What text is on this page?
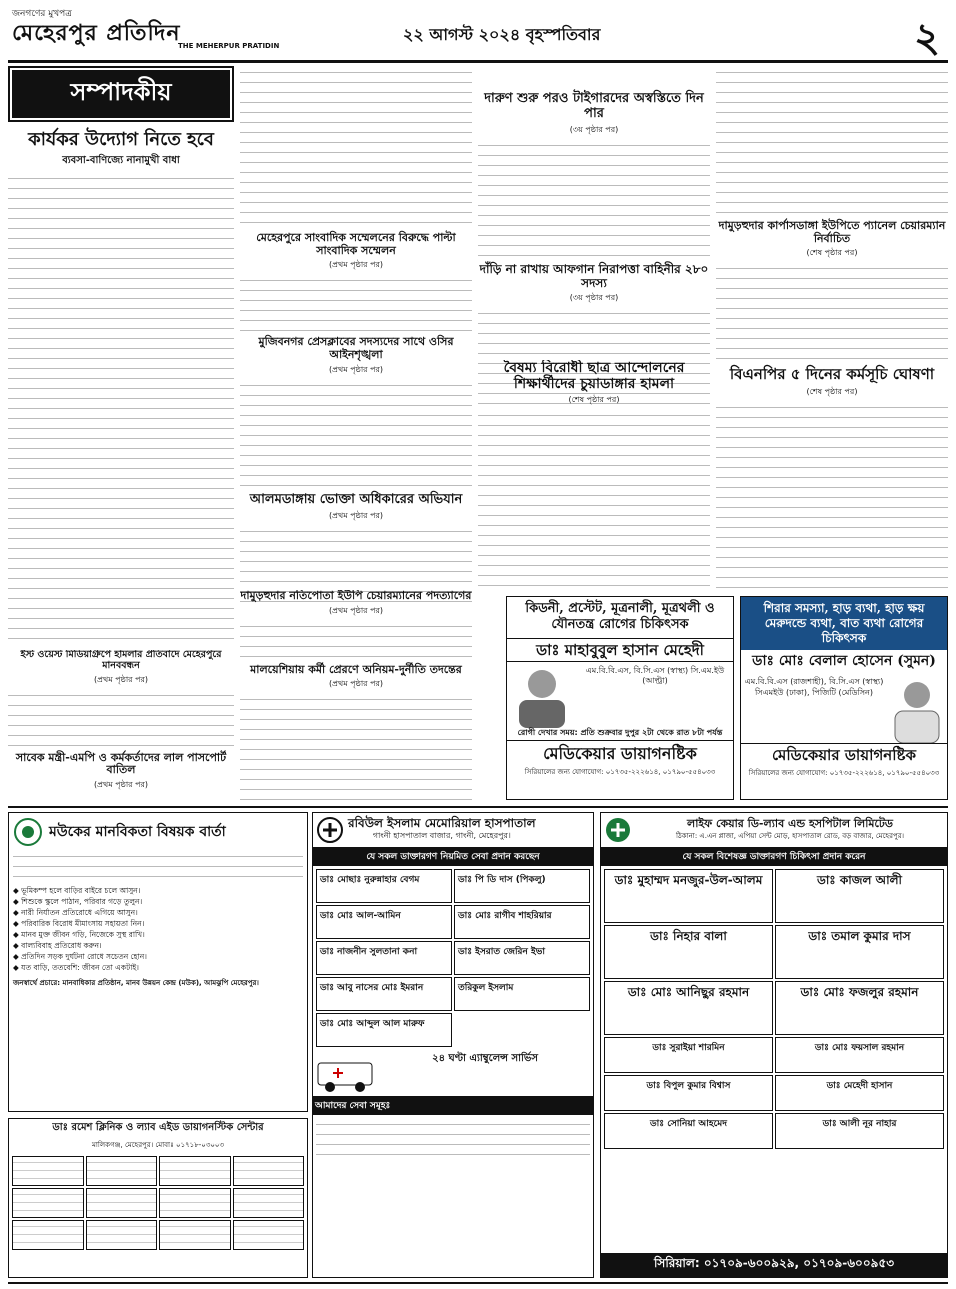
জনগণের মুখপত্র
মেহেরপুর প্রতিদিন
THE MEHERPUR PRATIDIN
২২ আগস্ট ২০২৪ বৃহস্পতিবার	২
সম্পাদকীয়
কার্যকর উদ্যোগ নিতে হবে
ব্যবসা-বাণিজ্যে নানামুখী বাধা
মেহেরপুরে সাংবাদিক সম্মেলনের বিরুদ্ধে পাল্টা সাংবাদিক সম্মেলন
(প্রথম পৃষ্ঠার পর)
মুজিবনগর প্রেসক্লাবের সদস্যদের সাথে ওসির আইনশৃঙ্খলা
(প্রথম পৃষ্ঠার পর)
আলমডাঙ্গায় ভোক্তা অধিকারের অভিযান
(প্রথম পৃষ্ঠার পর)
দামুড়হুদার নতিপোতা ইউপি চেয়ারম্যানের পদত্যাগের
(প্রথম পৃষ্ঠার পর)
মালয়েশিয়ায় কর্মী প্রেরণে অনিয়ম-দুর্নীতি তদন্তের
(প্রথম পৃষ্ঠার পর)
ইস্ট ওয়েস্ট মিডিয়াগ্রুপে হামলার প্রতিবাদে মেহেরপুরে মানববন্ধন
(প্রথম পৃষ্ঠার পর)
সাবেক মন্ত্রী-এমপি ও কর্মকর্তাদের লাল পাসপোর্ট বাতিল
(প্রথম পৃষ্ঠার পর)
দারুণ শুরু পরও টাইগারদের অস্বস্তিতে দিন পার
(৩য় পৃষ্ঠার পর)
দাঁড়ি না রাখায় আফগান নিরাপত্তা বাহিনীর ২৮০ সদস্য
(৩য় পৃষ্ঠার পর)
বৈষম্য বিরোধী ছাত্র আন্দোলনের শিক্ষার্থীদের চুয়াডাঙ্গার হামলা
(শেষ পৃষ্ঠার পর)
দামুড়হুদার কার্পাসডাঙ্গা ইউপিতে প্যানেল চেয়ারম্যান নির্বাচিত
(শেষ পৃষ্ঠার পর)
বিএনপির ৫ দিনের কর্মসূচি ঘোষণা
(শেষ পৃষ্ঠার পর)
কিডনী, প্রস্টেট, মূত্রনালী, মূত্রথলী ও যৌনতন্ত্র রোগের চিকিৎসক
ডাঃ মাহাবুবুল হাসান মেহেদী
এম.বি.বি.এস, বি.সি.এস (স্বাস্থ্য) সি.এম.ইউ (আল্ট্রা)
রোগী দেখার সময়: প্রতি শুক্রবার দুপুর ২টা থেকে রাত ৮টা পর্যন্ত
মেডিকেয়ার ডায়াগনষ্টিক
সিরিয়ালের জন্য যোগাযোগ: ০১৭৩৫-২২২৬১৪, ০১৭৯০-৫৫৪০৩৩
শিরার সমস্যা, হাড় ব্যথা, হাড় ক্ষয় মেরুদন্ডে ব্যথা, বাত ব্যথা রোগের চিকিৎসক
ডাঃ মোঃ বেলাল হোসেন (সুমন)
এম.বি.বি.এস (রাজশাহী), বি.সি.এস (স্বাস্থ্য) সিএমইউ (ঢাকা), পিজিটি (মেডিসিন)
মেডিকেয়ার ডায়াগনষ্টিক
সিরিয়ালের জন্য যোগাযোগ: ০১৭৩৫-২২২৬১৪, ০১৭৯০-৫৫৪০৩৩
মউকের মানবিকতা বিষয়ক বার্তা
◆ ভূমিকম্প হলে বাড়ির বাইরে চলে আসুন।
◆ শিশুকে স্কুলে পাঠান, পরিবার গড়ে তুলুন।
◆ নারী নির্যাতন প্রতিরোধে এগিয়ে আসুন।
◆ পরিবারিক বিরোধ মীমাংসায় সহায়তা নিন।
◆ মানব মুক্ত জীবন গড়ি, নিজেকে সুস্থ রাখি।
◆ বাল্যবিবাহ প্রতিরোধ করুন।
◆ প্রতিদিন সড়ক দুর্ঘটনা রোধে সচেতন হোন।
◆ যত বাড়ি, ততবেশি: জীবন তো একটাই।
জনস্বার্থে প্রচারে: মানবাধিকার প্রতিষ্ঠান, মানব উন্নয়ন কেন্দ্র (মউক), আমঝুপি মেহেরপুর।
ডাঃ রমেশ ক্লিনিক ও ল্যাব এইড ডায়াগনস্টিক সেন্টার
মালিকগঞ্জ, মেহেরপুর। মোবাঃ ০১৭১৮-০৩০০৩
রবিউল ইসলাম মেমোরিয়াল হাসপাতাল
গাংনী হাসপাতাল বাজার, গাংনী, মেহেরপুর।
যে সকল ডাক্তারগণ নিয়মিত সেবা প্রদান করছেন
ডাঃ মোছাঃ নুরুন্নাহার বেগম	ডাঃ পি ডি দাস (পিকলু)
ডাঃ মোঃ আল-আমিন	ডাঃ মোঃ রাগীব শাহরিয়ার
ডাঃ নাজনীন সুলতানা কনা	ডাঃ ইসরাত জেরিন ইভা
ডাঃ আবু নাসের মোঃ ইমরান	তরিকুল ইসলাম
ডাঃ মোঃ আব্দুল আল মারুফ
২৪ ঘণ্টা এ্যাম্বুলেন্স সার্ভিস
আমাদের সেবা সমূহঃ
লাইফ কেয়ার ডি-ল্যাব এন্ড হসপিটাল লিমিটেড
ঠিকানা: এ.এন প্লাজা, এপিয়া সেন্ট মোড়, হাসপাতাল রোড, বড় বাজার, মেহেরপুর।
যে সকল বিশেষজ্ঞ ডাক্তারগণ চিকিৎসা প্রদান করেন
ডাঃ মুহাম্মদ মনজুর-উল-আলম	ডাঃ কাজল আলী
ডাঃ নিহার বালা	ডাঃ তমাল কুমার দাস
ডাঃ মোঃ আনিছুর রহমান	ডাঃ মোঃ ফজলুর রহমান
ডাঃ সুরাইয়া শারমিন	ডাঃ মোঃ ফয়সাল রহমান
ডাঃ বিপুল কুমার বিশ্বাস	ডাঃ মেহেদী হাসান
ডাঃ সোনিয়া আহমেদ	ডাঃ আলী নূর নাহার
সিরিয়াল: ০১৭০৯-৬০০৯২৯, ০১৭০৯-৬০০৯৫৩
